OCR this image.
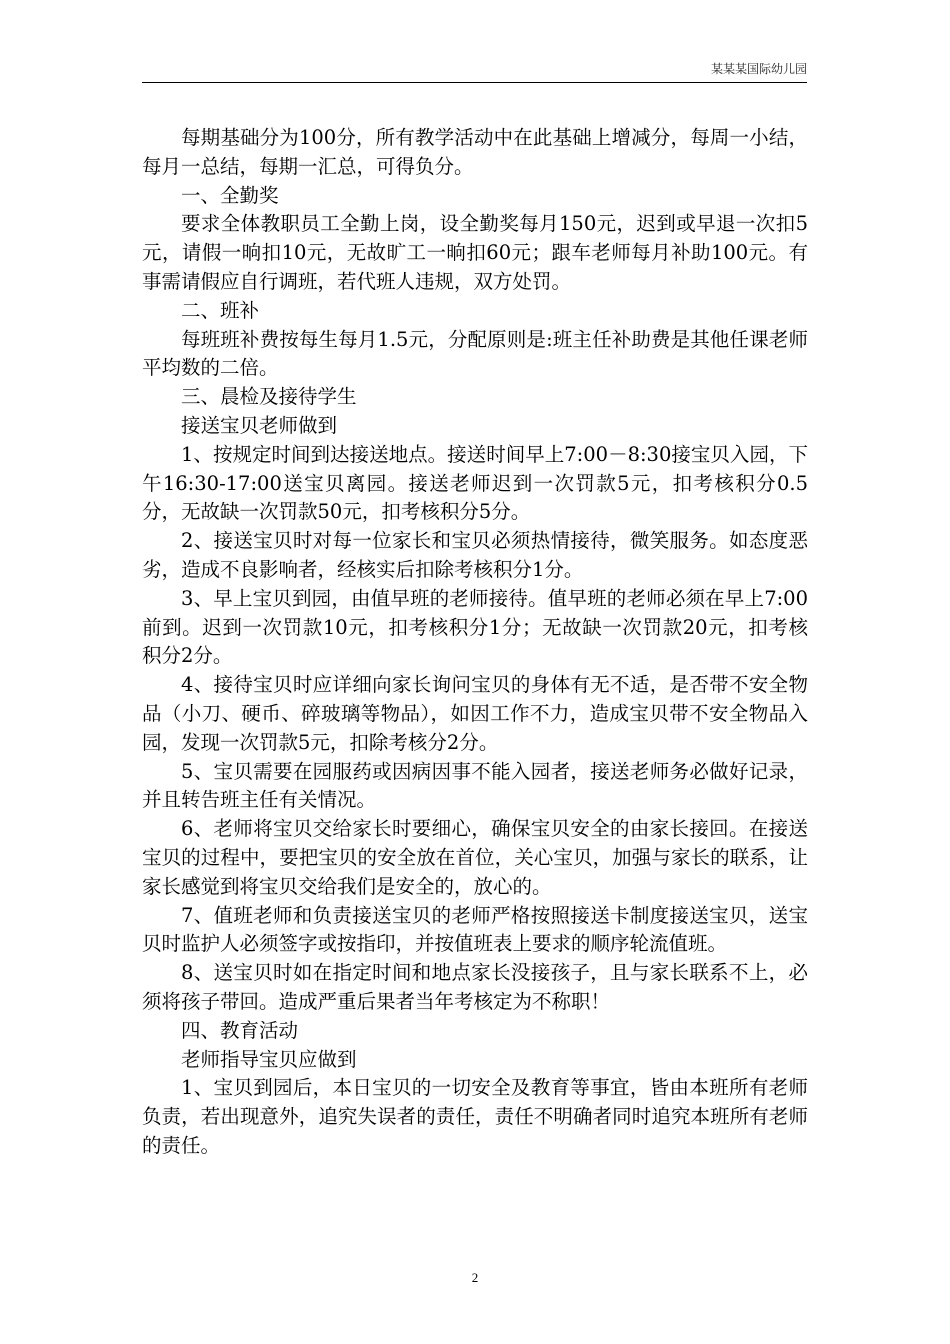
某某某国际幼儿园

每期基础分为100分，所有教学活动中在此基础上增减分，每周一小结，每月一总结，每期一汇总，可得负分。

一、全勤奖

要求全体教职员工全勤上岗，设全勤奖每月150元，迟到或早退一次扣5元，请假一晌扣10元，无故旷工一晌扣60元；跟车老师每月补助100元。有事需请假应自行调班，若代班人违规，双方处罚。

二、班补

每班班补费按每生每月1.5元，分配原则是:班主任补助费是其他任课老师平均数的二倍。

三、晨检及接待学生

接送宝贝老师做到

1、按规定时间到达接送地点。接送时间早上7:00－8:30接宝贝入园，下午16:30-17:00送宝贝离园。接送老师迟到一次罚款5元，扣考核积分0.5分，无故缺一次罚款50元，扣考核积分5分。

2、接送宝贝时对每一位家长和宝贝必须热情接待，微笑服务。如态度恶劣，造成不良影响者，经核实后扣除考核积分1分。

3、早上宝贝到园，由值早班的老师接待。值早班的老师必须在早上7:00前到。迟到一次罚款10元，扣考核积分1分；无故缺一次罚款20元，扣考核积分2分。

4、接待宝贝时应详细向家长询问宝贝的身体有无不适，是否带不安全物品（小刀、硬币、碎玻璃等物品），如因工作不力，造成宝贝带不安全物品入园，发现一次罚款5元，扣除考核分2分。

5、宝贝需要在园服药或因病因事不能入园者，接送老师务必做好记录，并且转告班主任有关情况。

6、老师将宝贝交给家长时要细心，确保宝贝安全的由家长接回。在接送宝贝的过程中，要把宝贝的安全放在首位，关心宝贝，加强与家长的联系，让家长感觉到将宝贝交给我们是安全的，放心的。

7、值班老师和负责接送宝贝的老师严格按照接送卡制度接送宝贝，送宝贝时监护人必须签字或按指印，并按值班表上要求的顺序轮流值班。

8、送宝贝时如在指定时间和地点家长没接孩子，且与家长联系不上，必须将孩子带回。造成严重后果者当年考核定为不称职！

四、教育活动

老师指导宝贝应做到

1、宝贝到园后，本日宝贝的一切安全及教育等事宜，皆由本班所有老师负责，若出现意外，追究失误者的责任，责任不明确者同时追究本班所有老师的责任。

2
